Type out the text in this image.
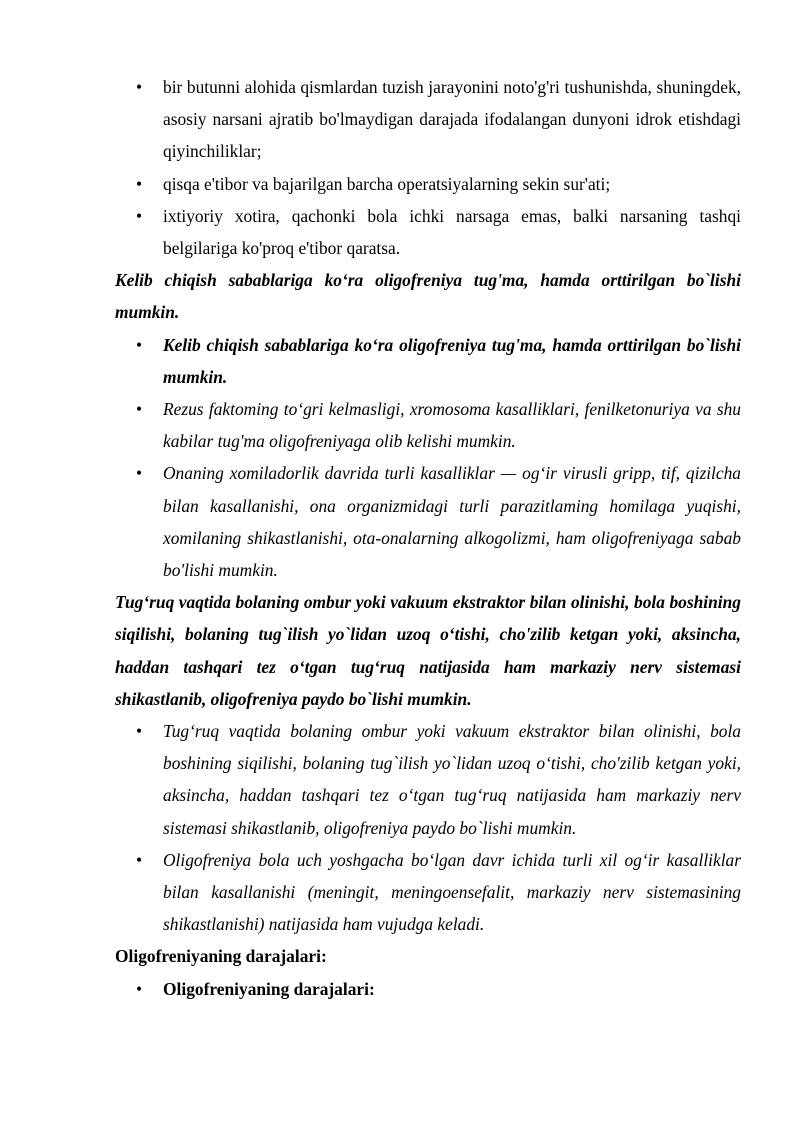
• bir butunni alohida qismlardan tuzish jarayonini noto'g'ri tushunishda, shuningdek, asosiy narsani ajratib bo'lmaydigan darajada ifodalangan dunyoni idrok etishdagi qiyinchiliklar;
• qisqa e'tibor va bajarilgan barcha operatsiyalarning sekin sur'ati;
• ixtiyoriy xotira, qachonki bola ichki narsaga emas, balki narsaning tashqi belgilariga ko'proq e'tibor qaratsa.

Kelib chiqish sabablariga ko‘ra oligofreniya tug'ma, hamda orttirilgan bo`lishi mumkin.

• Kelib chiqish sabablariga ko‘ra oligofreniya tug'ma, hamda orttirilgan bo`lishi mumkin.
• Rezus faktoming to‘gri kelmasligi, xromosoma kasalliklari, fenilketonuriya va shu kabilar tug'ma oligofreniyaga olib kelishi mumkin.
• Onaning xomiladorlik davrida turli kasalliklar — og‘ir virusli gripp, tif, qizilcha bilan kasallanishi, ona organizmidagi turli parazitlaming homilaga yuqishi, xomilaning shikastlanishi, ota-onalarning alkogolizmi, ham oligofreniyaga sabab bo'lishi mumkin.

Tug‘ruq vaqtida bolaning ombur yoki vakuum ekstraktor bilan olinishi, bola boshining siqilishi, bolaning tug`ilish yo`lidan uzoq o‘tishi, cho'zilib ketgan yoki, aksincha, haddan tashqari tez o‘tgan tug‘ruq natijasida ham markaziy nerv sistemasi shikastlanib, oligofreniya paydo bo`lishi mumkin.

• Tug‘ruq vaqtida bolaning ombur yoki vakuum ekstraktor bilan olinishi, bola boshining siqilishi, bolaning tug`ilish yo`lidan uzoq o‘tishi, cho'zilib ketgan yoki, aksincha, haddan tashqari tez o‘tgan tug‘ruq natijasida ham markaziy nerv sistemasi shikastlanib, oligofreniya paydo bo`lishi mumkin.
• Oligofreniya bola uch yoshgacha bo‘lgan davr ichida turli xil og‘ir kasalliklar bilan kasallanishi (meningit, meningoensefalit, markaziy nerv sistemasining shikastlanishi) natijasida ham vujudga keladi.

Oligofreniyaning darajalari:

• Oligofreniyaning darajalari:
